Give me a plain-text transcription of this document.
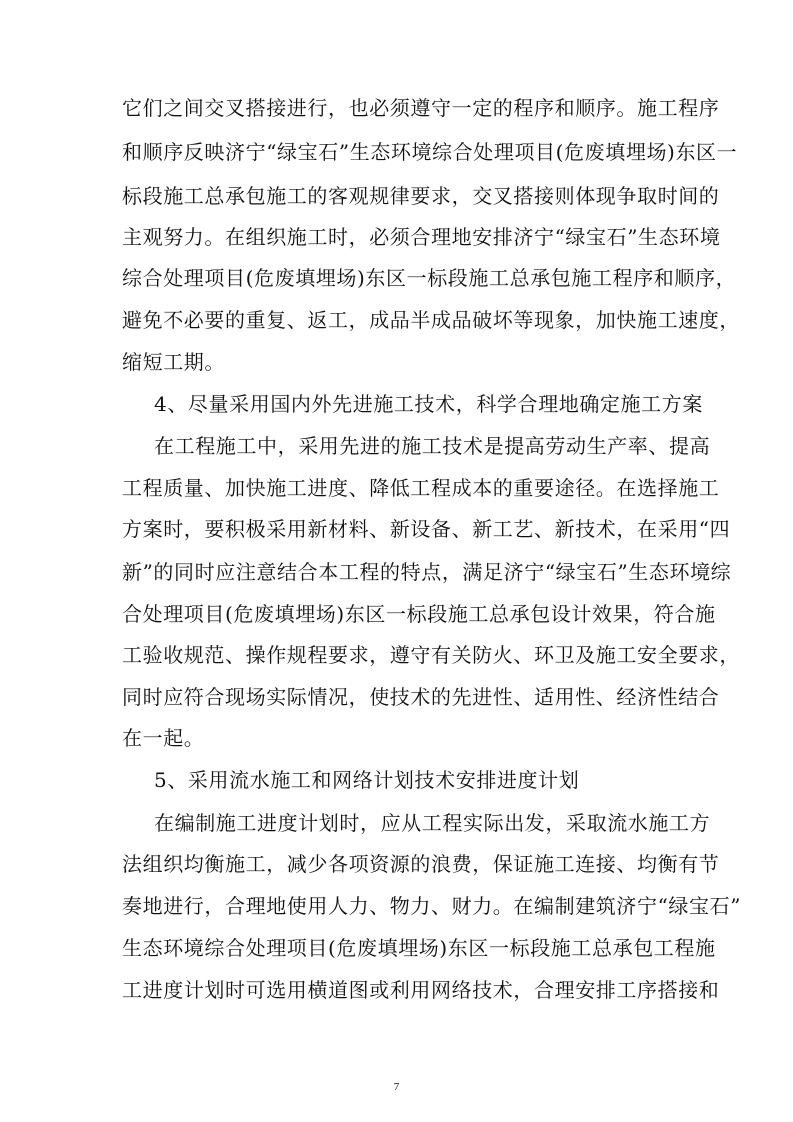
它们之间交叉搭接进行，也必须遵守一定的程序和顺序。施工程序
和顺序反映济宁“绿宝石”生态环境综合处理项目(危废填埋场)东区一
标段施工总承包施工的客观规律要求，交叉搭接则体现争取时间的
主观努力。在组织施工时，必须合理地安排济宁“绿宝石”生态环境
综合处理项目(危废填埋场)东区一标段施工总承包施工程序和顺序，
避免不必要的重复、返工，成品半成品破坏等现象，加快施工速度，
缩短工期。
4、尽量采用国内外先进施工技术，科学合理地确定施工方案
在工程施工中，采用先进的施工技术是提高劳动生产率、提高
工程质量、加快施工进度、降低工程成本的重要途径。在选择施工
方案时，要积极采用新材料、新设备、新工艺、新技术，在采用“四
新”的同时应注意结合本工程的特点，满足济宁“绿宝石”生态环境综
合处理项目(危废填埋场)东区一标段施工总承包设计效果，符合施
工验收规范、操作规程要求，遵守有关防火、环卫及施工安全要求，
同时应符合现场实际情况，使技术的先进性、适用性、经济性结合
在一起。
5、采用流水施工和网络计划技术安排进度计划
在编制施工进度计划时，应从工程实际出发，采取流水施工方
法组织均衡施工，减少各项资源的浪费，保证施工连接、均衡有节
奏地进行，合理地使用人力、物力、财力。在编制建筑济宁“绿宝石”
生态环境综合处理项目(危废填埋场)东区一标段施工总承包工程施
工进度计划时可选用横道图或利用网络技术，合理安排工序搭接和
7
